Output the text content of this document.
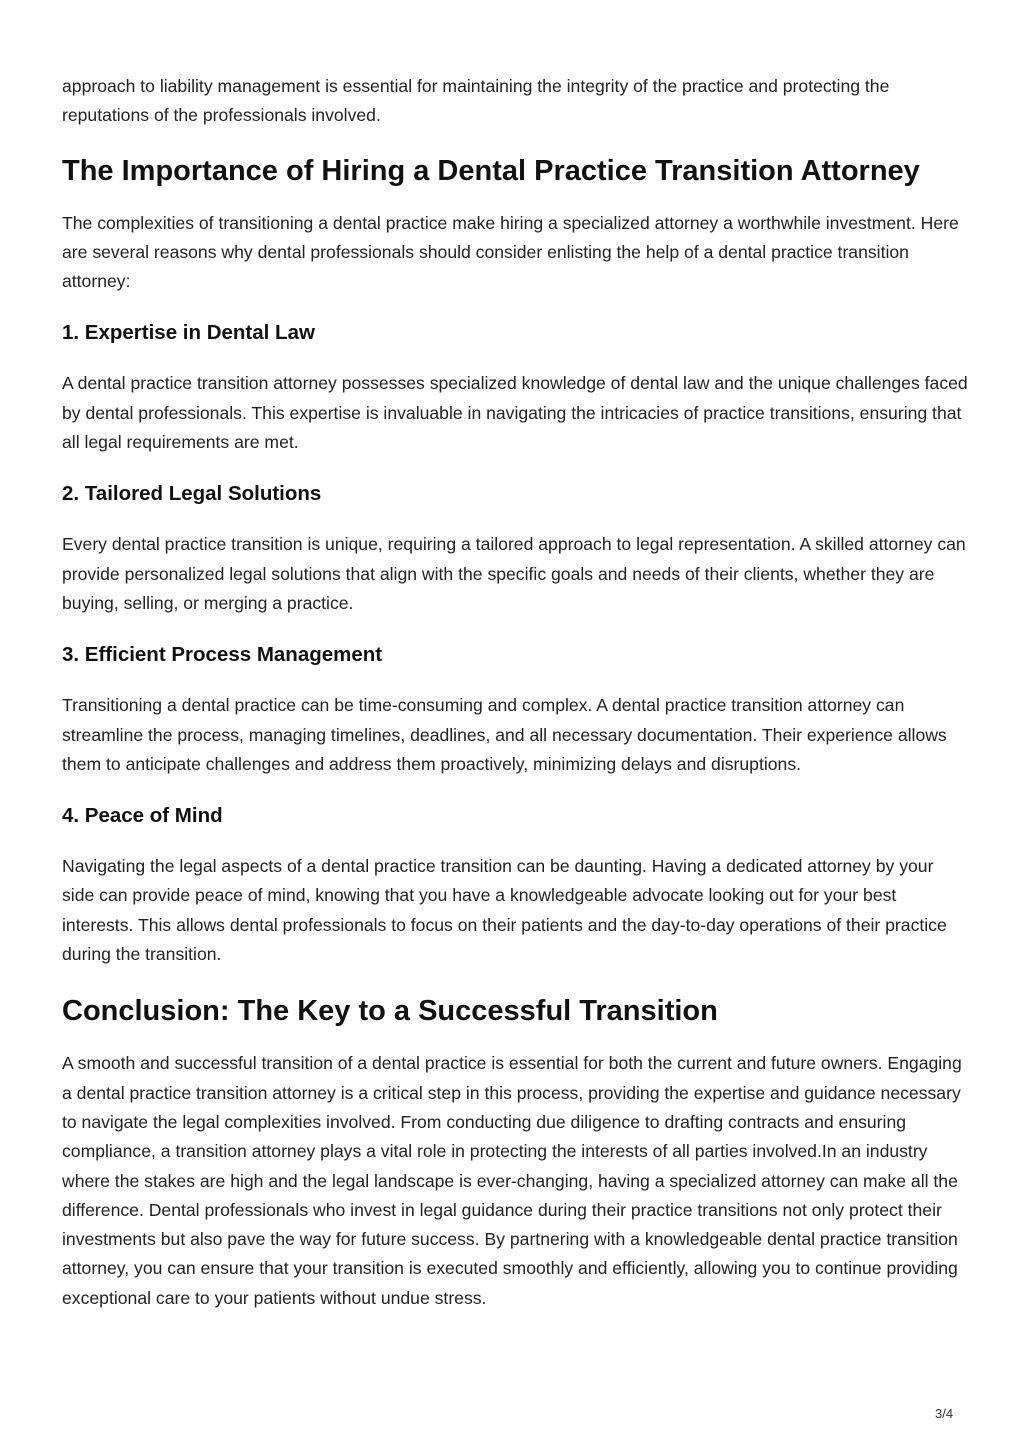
approach to liability management is essential for maintaining the integrity of the practice and protecting the reputations of the professionals involved.

The Importance of Hiring a Dental Practice Transition Attorney

The complexities of transitioning a dental practice make hiring a specialized attorney a worthwhile investment. Here are several reasons why dental professionals should consider enlisting the help of a dental practice transition attorney:

1. Expertise in Dental Law

A dental practice transition attorney possesses specialized knowledge of dental law and the unique challenges faced by dental professionals. This expertise is invaluable in navigating the intricacies of practice transitions, ensuring that all legal requirements are met.

2. Tailored Legal Solutions

Every dental practice transition is unique, requiring a tailored approach to legal representation. A skilled attorney can provide personalized legal solutions that align with the specific goals and needs of their clients, whether they are buying, selling, or merging a practice.

3. Efficient Process Management

Transitioning a dental practice can be time-consuming and complex. A dental practice transition attorney can streamline the process, managing timelines, deadlines, and all necessary documentation. Their experience allows them to anticipate challenges and address them proactively, minimizing delays and disruptions.

4. Peace of Mind

Navigating the legal aspects of a dental practice transition can be daunting. Having a dedicated attorney by your side can provide peace of mind, knowing that you have a knowledgeable advocate looking out for your best interests. This allows dental professionals to focus on their patients and the day-to-day operations of their practice during the transition.

Conclusion: The Key to a Successful Transition

A smooth and successful transition of a dental practice is essential for both the current and future owners. Engaging a dental practice transition attorney is a critical step in this process, providing the expertise and guidance necessary to navigate the legal complexities involved. From conducting due diligence to drafting contracts and ensuring compliance, a transition attorney plays a vital role in protecting the interests of all parties involved.In an industry where the stakes are high and the legal landscape is ever-changing, having a specialized attorney can make all the difference. Dental professionals who invest in legal guidance during their practice transitions not only protect their investments but also pave the way for future success. By partnering with a knowledgeable dental practice transition attorney, you can ensure that your transition is executed smoothly and efficiently, allowing you to continue providing exceptional care to your patients without undue stress.

3/4
